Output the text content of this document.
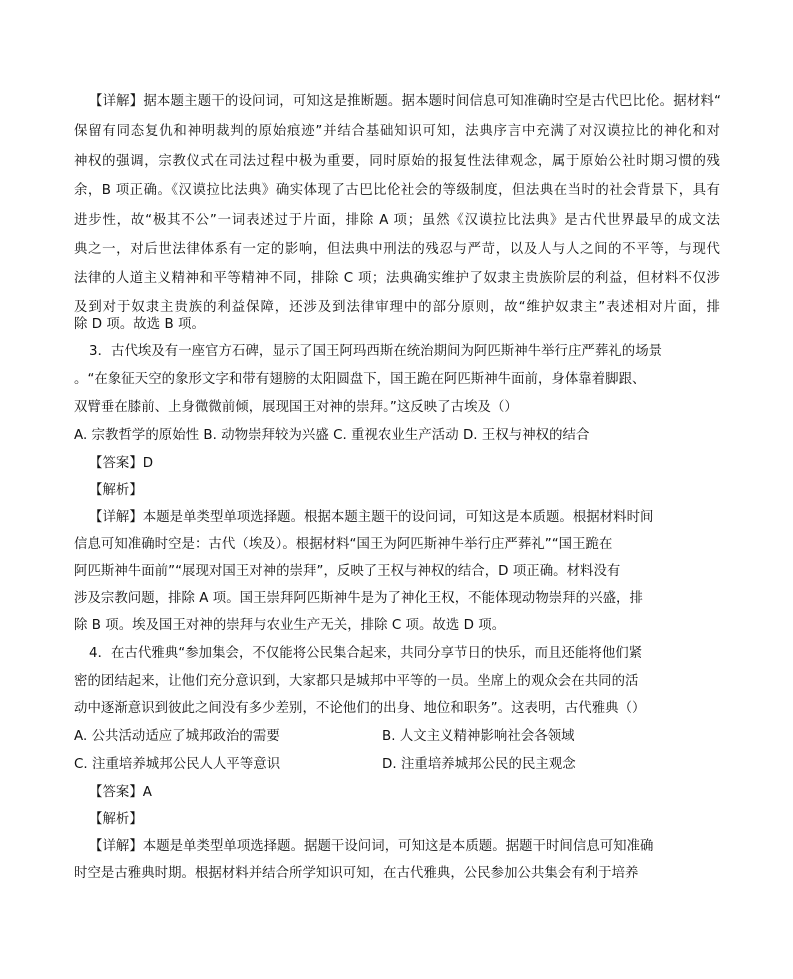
【详解】据本题主题干的设问词，可知这是推断题。据本题时间信息可知准确时空是古代巴比伦。据材料“
保留有同态复仇和神明裁判的原始痕迹”并结合基础知识可知，法典序言中充满了对汉谟拉比的神化和对
神权的强调，宗教仪式在司法过程中极为重要，同时原始的报复性法律观念，属于原始公社时期习惯的残
余，B 项正确。《汉谟拉比法典》确实体现了古巴比伦社会的等级制度，但法典在当时的社会背景下，具有
进步性，故“极其不公”一词表述过于片面，排除 A 项；虽然《汉谟拉比法典》是古代世界最早的成文法
典之一，对后世法律体系有一定的影响，但法典中刑法的残忍与严苛，以及人与人之间的不平等，与现代
法律的人道主义精神和平等精神不同，排除 C 项；法典确实维护了奴隶主贵族阶层的利益，但材料不仅涉
及到对于奴隶主贵族的利益保障，还涉及到法律审理中的部分原则，故“维护奴隶主”表述相对片面，排
除 D 项。故选 B 项。
3．古代埃及有一座官方石碑，显示了国王阿玛西斯在统治期间为阿匹斯神牛举行庄严葬礼的场景
。“在象征天空的象形文字和带有翅膀的太阳圆盘下，国王跪在阿匹斯神牛面前，身体靠着脚跟、
双臂垂在膝前、上身微微前倾，展现国王对神的崇拜。”这反映了古埃及（）
A. 宗教哲学的原始性 B. 动物崇拜较为兴盛 C. 重视农业生产活动 D. 王权与神权的结合
【答案】D
【解析】
【详解】本题是单类型单项选择题。根据本题主题干的设问词，可知这是本质题。根据材料时间
信息可知准确时空是：古代（埃及）。根据材料“国王为阿匹斯神牛举行庄严葬礼”“国王跪在
阿匹斯神牛面前”“展现对国王对神的崇拜”，反映了王权与神权的结合，D 项正确。材料没有
涉及宗教问题，排除 A 项。国王崇拜阿匹斯神牛是为了神化王权，不能体现动物崇拜的兴盛，排
除 B 项。埃及国王对神的崇拜与农业生产无关，排除 C 项。故选 D 项。
4．在古代雅典“参加集会，不仅能将公民集合起来，共同分享节日的快乐，而且还能将他们紧
密的团结起来，让他们充分意识到，大家都只是城邦中平等的一员。坐席上的观众会在共同的活
动中逐渐意识到彼此之间没有多少差别，不论他们的出身、地位和职务”。这表明，古代雅典（）
A. 公共活动适应了城邦政治的需要	B. 人文主义精神影响社会各领域
C. 注重培养城邦公民人人平等意识	D. 注重培养城邦公民的民主观念
【答案】A
【解析】
【详解】本题是单类型单项选择题。据题干设问词，可知这是本质题。据题干时间信息可知准确
时空是古雅典时期。根据材料并结合所学知识可知，在古代雅典，公民参加公共集会有利于培养
